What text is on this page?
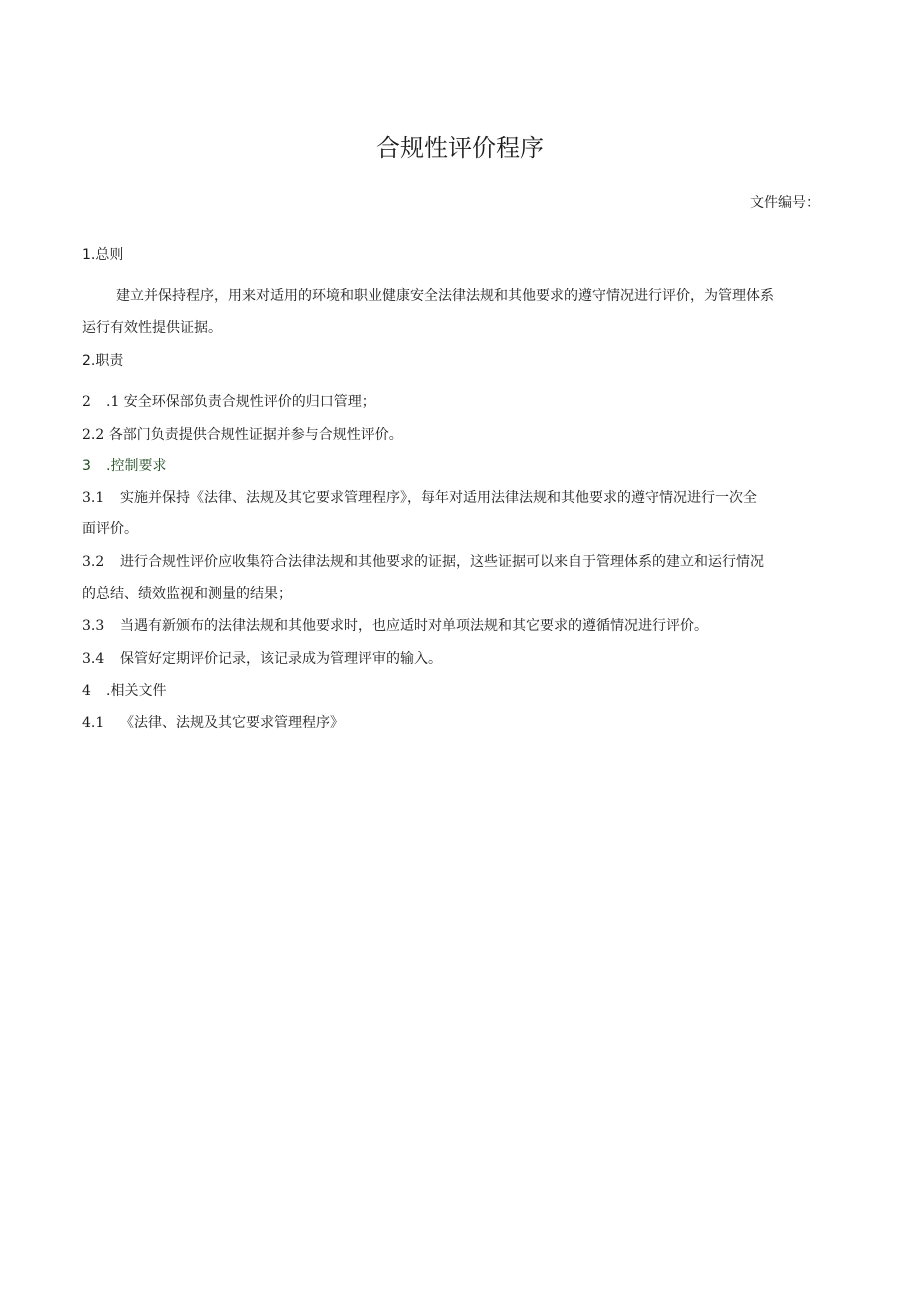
合规性评价程序
文件编号：
1.总则
建立并保持程序，用来对适用的环境和职业健康安全法律法规和其他要求的遵守情况进行评价，为管理体系
运行有效性提供证据。
2.职责
2 .1 安全环保部负责合规性评价的归口管理；
2.2 各部门负责提供合规性证据并参与合规性评价。
3 .控制要求
3.1 实施并保持《法律、法规及其它要求管理程序》，每年对适用法律法规和其他要求的遵守情况进行一次全
面评价。
3.2 进行合规性评价应收集符合法律法规和其他要求的证据，这些证据可以来自于管理体系的建立和运行情况
的总结、绩效监视和测量的结果；
3.3 当遇有新颁布的法律法规和其他要求时，也应适时对单项法规和其它要求的遵循情况进行评价。
3.4 保管好定期评价记录，该记录成为管理评审的输入。
4 .相关文件
4.1 《法律、法规及其它要求管理程序》
